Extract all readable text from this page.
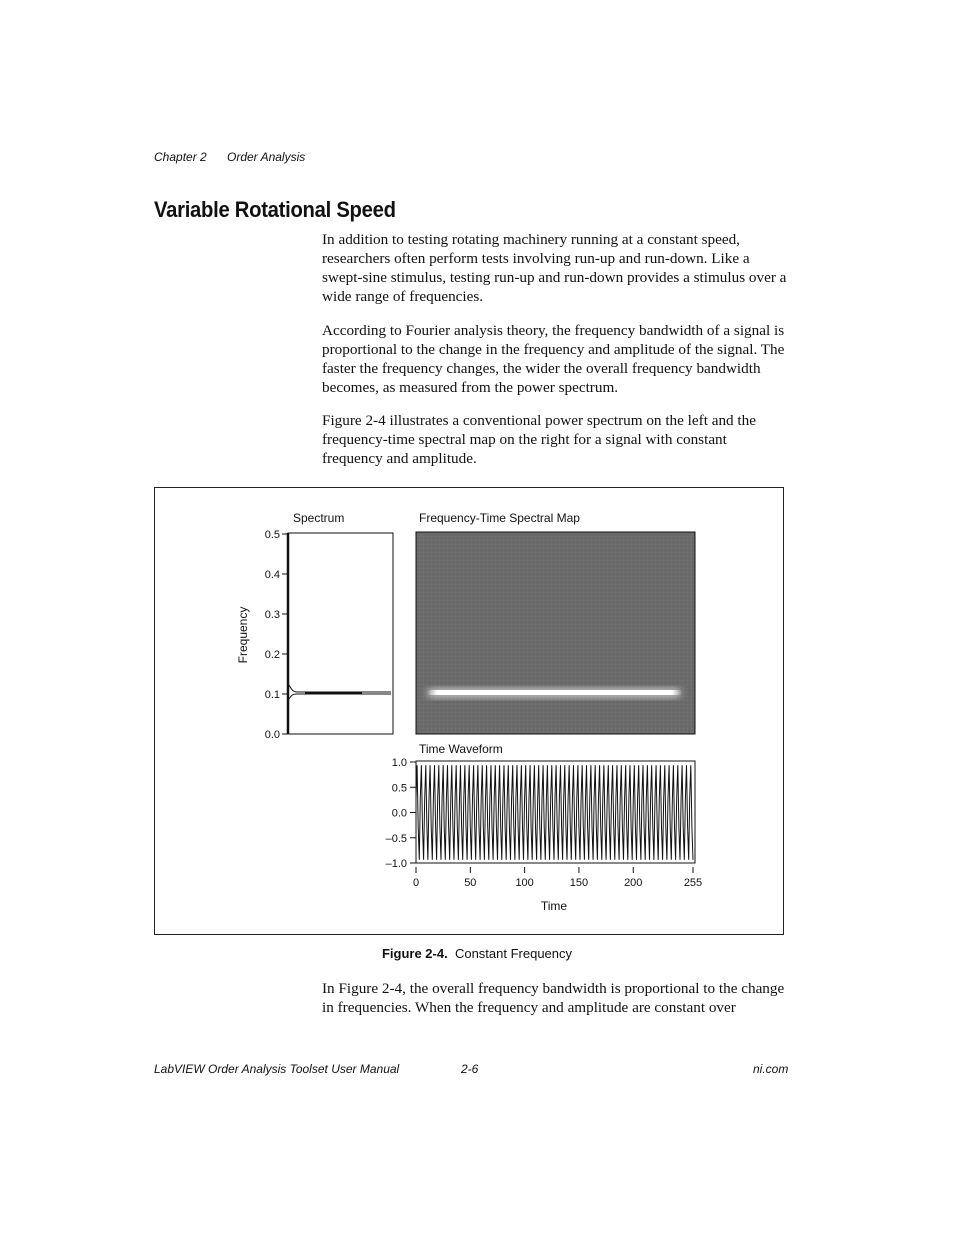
Chapter 2 Order Analysis
Variable Rotational Speed

In addition to testing rotating machinery running at a constant speed, researchers often perform tests involving run-up and run-down. Like a swept-sine stimulus, testing run-up and run-down provides a stimulus over a wide range of frequencies.

According to Fourier analysis theory, the frequency bandwidth of a signal is proportional to the change in the frequency and amplitude of the signal. The faster the frequency changes, the wider the overall frequency bandwidth becomes, as measured from the power spectrum.

Figure 2-4 illustrates a conventional power spectrum on the left and the frequency-time spectral map on the right for a signal with constant frequency and amplitude.

Spectrum
0.5
0.4
0.3
0.2
0.1
0.0
Frequency
Frequency-Time Spectral Map
Time Waveform
1.0
0.5
0.0
–0.5
–1.0
0	50	100	150	200	255
Time
Figure 2-4. Constant Frequency

In Figure 2-4, the overall frequency bandwidth is proportional to the change in frequencies. When the frequency and amplitude are constant over

LabVIEW Order Analysis Toolset User Manual	2-6	ni.com
